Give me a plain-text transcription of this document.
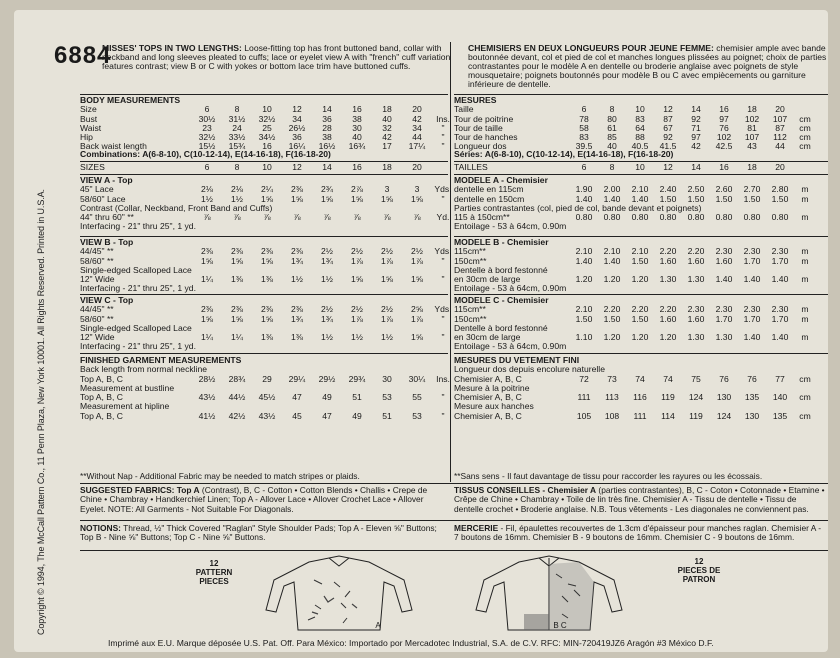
Copyright © 1994, The McCall Pattern Co., 11 Penn Plaza, New York 10001. All Rights Reserved. Printed in U.S.A.
6884
MISSES' TOPS IN TWO LENGTHS: Loose-fitting top has front buttoned band, collar with neckband and long sleeves pleated to cuffs; lace or eyelet view A with "french" cuff variation features contrast; view B or C with yokes or bottom lace trim have buttoned cuffs.
CHEMISIERS EN DEUX LONGUEURS POUR JEUNE FEMME: chemisier ample avec bande boutonnée devant, col et pied de col et manches longues plissées au poignet; choix de parties contrastantes pour le modèle A en dentelle ou broderie anglaise avec poignets de style mousquetaire; poignets boutonnés pour modèle B ou C avec empiècements ou garniture inférieure de dentelle.
BODY MEASUREMENTS
Size	6	8	10	12	14	16	18	20	
Bust	30½	31½	32½	34	36	38	40	42	Ins.
Waist	23	24	25	26½	28	30	32	34	"
Hip	32½	33½	34½	36	38	40	42	44	"
Back waist length	15½	15¾	16	16¼	16½	16¾	17	17¼	"
Combinations: A(6-8-10), C(10-12-14), E(14-16-18), F(16-18-20)
SIZES	6	8	10	12	14	16	18	20
VIEW A - Top
45" Lace	2⅛	2⅛	2¼	2⅜	2¾	2⅞	3	3	Yds.
58/60" Lace	1½	1½	1⅝	1⅝	1⅝	1⅝	1⅝	1⅝	"
Contrast (Collar, Neckband, Front Band and Cuffs)									
44" thru 60" **	⅞	⅞	⅞	⅞	⅞	⅞	⅞	⅞	Yd.
Interfacing - 21" thru 25", 1 yd.									
VIEW B - Top
44/45" **	2⅜	2⅜	2⅜	2⅜	2½	2½	2½	2½	Yds.
58/60" **	1⅝	1⅝	1⅝	1¾	1¾	1⅞	1⅞	1⅞	"
Single-edged Scalloped Lace									
12" Wide	1¼	1⅜	1⅜	1½	1½	1⅝	1⅝	1⅝	"
Interfacing - 21" thru 25", 1 yd.									
VIEW C - Top
44/45" **	2⅜	2⅜	2⅜	2⅜	2½	2½	2½	2⅝	Yds.
58/60" **	1⅝	1⅝	1⅝	1¾	1¾	1⅞	1⅞	1⅞	"
Single-edged Scalloped Lace									
12" Wide	1¼	1¼	1⅜	1⅜	1½	1½	1½	1⅝	"
Interfacing - 21" thru 25", 1 yd.									
FINISHED GARMENT MEASUREMENTS
Back length from normal neckline									
Top A, B, C	28½	28¾	29	29¼	29½	29¾	30	30¼	Ins.
Measurement at bustline									
Top A, B, C	43½	44½	45½	47	49	51	53	55	"
Measurement at hipline									
Top A, B, C	41½	42½	43½	45	47	49	51	53	"
MESURES
Taille	6	8	10	12	14	16	18	20	
Tour de poitrine	78	80	83	87	92	97	102	107	cm
Tour de taille	58	61	64	67	71	76	81	87	cm
Tour de hanches	83	85	88	92	97	102	107	112	cm
Longueur dos	39.5	40	40.5	41.5	42	42.5	43	44	cm
Séries: A(6-8-10), C(10-12-14), E(14-16-18), F(16-18-20)
TAILLES	6	8	10	12	14	16	18	20
MODELE A - Chemisier
dentelle en 115cm	1.90	2.00	2.10	2.40	2.50	2.60	2.70	2.80	m
dentelle en 150cm	1.40	1.40	1.40	1.50	1.50	1.50	1.50	1.50	m
Parties contrastantes (col, pied de col, bande devant et poignets)									
115 à 150cm**	0.80	0.80	0.80	0.80	0.80	0.80	0.80	0.80	m
Entoilage - 53 à 64cm, 0.90m									
MODELE B - Chemisier
115cm**	2.10	2.10	2.10	2.20	2.20	2.30	2.30	2.30	m
150cm**	1.40	1.40	1.50	1.60	1.60	1.60	1.70	1.70	m
Dentelle à bord festonné									
en 30cm de large	1.20	1.20	1.20	1.30	1.30	1.40	1.40	1.40	m
Entoilage - 53 à 64cm, 0.90m									
MODELE C - Chemisier
115cm**	2.10	2.20	2.20	2.20	2.30	2.30	2.30	2.30	m
150cm**	1.50	1.50	1.50	1.60	1.60	1.70	1.70	1.70	m
Dentelle à bord festonné									
en 30cm de large	1.10	1.20	1.20	1.20	1.30	1.30	1.40	1.40	m
Entoilage - 53 à 64cm, 0.90m									
MESURES DU VETEMENT FINI
Longueur dos depuis encolure naturelle									
Chemisier A, B, C	72	73	74	74	75	76	76	77	cm
Mesure à la poitrine									
Chemisier A, B, C	111	113	116	119	124	130	135	140	cm
Mesure aux hanches									
Chemisier A, B, C	105	108	111	114	119	124	130	135	cm
**Without Nap - Additional Fabric may be needed to match stripes or plaids.
SUGGESTED FABRICS: Top A (Contrast), B, C - Cotton • Cotton Blends • Challis • Crepe de Chine • Chambray • Handkerchief Linen; Top A - Allover Lace • Allover Crochet Lace • Allover Eyelet. NOTE: All Garments - Not Suitable For Diagonals.
NOTIONS: Thread, ½" Thick Covered "Raglan" Style Shoulder Pads; Top A - Eleven ⅝" Buttons; Top B - Nine ⅝" Buttons; Top C - Nine ⅝" Buttons.
**Sans sens - Il faut davantage de tissu pour raccorder les rayures ou les écossais.
TISSUS CONSEILLES - Chemisier A (parties contrastantes), B, C - Coton • Cotonnade • Etamine • Crêpe de Chine • Chambray • Toile de lin très fine. Chemisier A - Tissu de dentelle • Tissu de dentelle crochet • Broderie anglaise. N.B. Tous vêtements - Les diagonales ne conviennent pas.
MERCERIE - Fil, épaulettes recouvertes de 1.3cm d'épaisseur pour manches raglan. Chemisier A - 7 boutons de 16mm. Chemisier B - 9 boutons de 16mm. Chemisier C - 9 boutons de 16mm.
12
PATTERN PIECES
12
PIECES DE PATRON
A	B C
Imprimé aux E.U. Marque déposée U.S. Pat. Off. Para México: Importado por Mercadotec Industrial, S.A. de C.V. RFC: MIN-720419JZ6 Aragón #3 México D.F.
